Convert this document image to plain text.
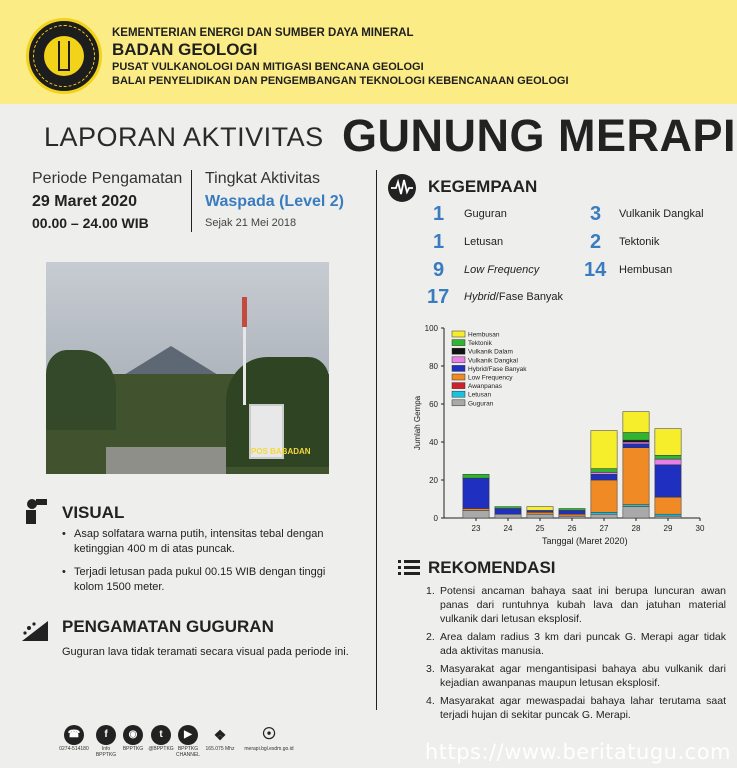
KEMENTERIAN ENERGI DAN SUMBER DAYA MINERAL
BADAN GEOLOGI
PUSAT VULKANOLOGI DAN MITIGASI BENCANA GEOLOGI
BALAI PENYELIDIKAN DAN PENGEMBANGAN TEKNOLOGI KEBENCANAAN GEOLOGI
LAPORAN AKTIVITAS GUNUNG MERAPI
Periode Pengamatan
29 Maret 2020
00.00 – 24.00 WIB
Tingkat Aktivitas
Waspada (Level 2)
Sejak 21 Mei 2018
POS BABADAN
VISUAL
• Asap solfatara warna putih, intensitas tebal dengan ketinggian 400 m di atas puncak.
• Terjadi letusan pada pukul 00.15 WIB dengan tinggi kolom 1500 meter.
PENGAMATAN GUGURAN
Guguran lava tidak teramati secara visual pada periode ini.
KEGEMPAAN
1 Guguran
1 Letusan
9 Low Frequency
17 Hybrid/Fase Banyak
3 Vulkanik Dangkal
2 Tektonik
14 Hembusan
0
20
40
60
80
100
23	24	25	26	27	28	29	30
Tanggal (Maret 2020)
Jumlah Gempa
Hembusan
Tektonik
Vulkanik Dalam
Vulkanik Dangkal
Hybrid/Fase Banyak
Low Frequency
Awanpanas
Letusan
Guguran
REKOMENDASI
1. Potensi ancaman bahaya saat ini berupa luncuran awan panas dari runtuhnya kubah lava dan jatuhan material vulkanik dari letusan eksplosif.
2. Area dalam radius 3 km dari puncak G. Merapi agar tidak ada aktivitas manusia.
3. Masyarakat agar mengantisipasi bahaya abu vulkanik dari kejadian awanpanas maupun letusan eksplosif.
4. Masyarakat agar mewaspadai bahaya lahar terutama saat terjadi hujan di sekitar puncak G. Merapi.
☎
0274-514180
f
Info
BPPTKG
◉
BPPTKG
t
@BPPTKG
▶
BPPTKG
CHANNEL
❖
165.075 Mhz
☉
merapi.bgl.esdm.go.id	https://www.beritatugu.com
